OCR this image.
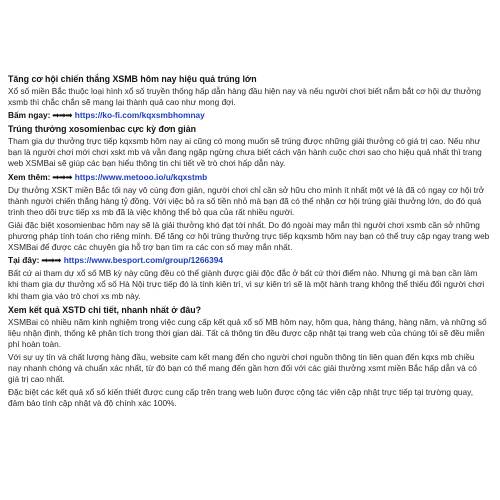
Tăng cơ hội chiến thắng XSMB hôm nay hiệu quả trúng lớn
Xổ số miền Bắc thuộc loại hình xổ số truyền thống hấp dẫn hàng đầu hiện nay và nếu người chơi biết nắm bắt cơ hội dự thưởng xsmb thì chắc chắn sẽ mang lại thành quả cao như mong đợi.
Bấm ngay: ➟➟➟ https://ko-fi.com/kqxsmbhomnay
Trúng thưởng xosomienbac cực kỳ đơn giản
Tham gia dự thưởng trực tiếp kqxsmb hôm nay ai cũng có mong muốn sẽ trúng được những giải thưởng có giá trị cao. Nếu như bạn là người chơi mới chơi xskt mb và vẫn đang ngập ngừng chưa biết cách vận hành cuộc chơi sao cho hiệu quả nhất thì trang web XSMBai sẽ giúp các bạn hiểu thông tin chi tiết về trò chơi hấp dẫn này.
Xem thêm: ➟➟➟ https://www.metooo.io/u/kqxstmb
Dự thưởng XSKT miền Bắc tối nay vô cùng đơn giản, người chơi chỉ cần sở hữu cho mình ít nhất một vé là đã có ngay cơ hội trở thành người chiến thắng hàng tỷ đồng. Với việc bỏ ra số tiền nhỏ mà bạn đã có thể nhận cơ hội trúng giải thưởng lớn, do đó quá trình theo dõi trực tiếp xs mb đã là việc không thể bỏ qua của rất nhiều người.
Giải đặc biệt xosomienbac hôm nay sẽ là giải thưởng khó đạt tới nhất. Do đó ngoài may mắn thì người chơi xsmb cần sở những phương pháp tính toán cho riêng mình. Để tăng cơ hội trúng thưởng trực tiếp kqxsmb hôm nay bạn có thể truy cập ngay trang web XSMBai để được các chuyên gia hỗ trợ bạn tìm ra các con số may mắn nhất.
Tại đây: ➟➟➟ https://www.besport.com/group/1266394
Bất cứ ai tham dự xổ số MB kỳ này cũng đều có thể giành được giải độc đắc ở bất cứ thời điểm nào. Nhưng gì mà bạn cần làm khi tham gia dự thưởng xổ số Hà Nội trực tiếp đó là tính kiên trì, vì sự kiên trì sẽ là một hành trang không thể thiếu đối người chơi khi tham gia vào trò chơi xs mb này.
Xem kết quả XSTD chi tiết, nhanh nhất ở đâu?
XSMBai có nhiều năm kinh nghiệm trong việc cung cấp kết quả xổ số MB hôm nay, hôm qua, hàng tháng, hàng năm, và những số liệu nhận định, thống kê phân tích trong thời gian dài. Tất cả thông tin đều được cập nhật tại trang web của chúng tôi sẽ đều miễn phí hoàn toàn.
Với sự uy tín và chất lượng hàng đầu, website cam kết mang đến cho người chơi nguồn thông tin liên quan đến kqxs mb chiều nay nhanh chóng và chuẩn xác nhất, từ đó bạn có thể mang đến gần hơn đối với các giải thưởng xsmt miền Bắc hấp dẫn và có giá trị cao nhất.
Đặc biệt các kết quả xổ số kiến thiết được cung cấp trên trang web luôn được cộng tác viên cập nhật trực tiếp tại trường quay, đảm bảo tính cập nhật và độ chính xác 100%.
